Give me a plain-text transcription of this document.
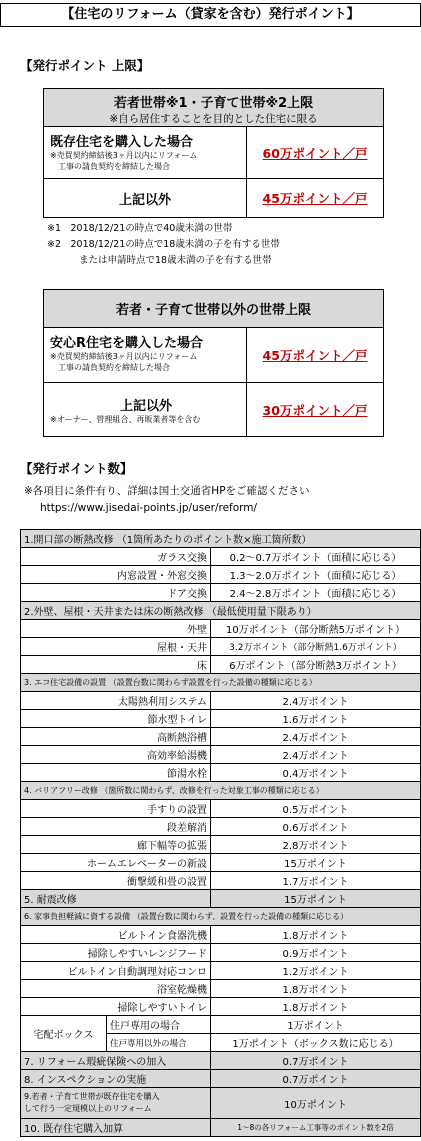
【住宅のリフォーム（貸家を含む）発行ポイント】
【発行ポイント 上限】
若者世帯※1・子育て世帯※2上限
※自ら居住することを目的とした住宅に限る
既存住宅を購入した場合
※売買契約締結後3ヶ月以内にリフォーム
工事の請負契約を締結した場合
60万ポイント／戸
上記以外	45万ポイント／戸
※1　2018/12/21の時点で40歳未満の世帯
※2　2018/12/21の時点で18歳未満の子を有する世帯
または申請時点で18歳未満の子を有する世帯
若者・子育て世帯以外の世帯上限
安心R住宅を購入した場合
※売買契約締結後3ヶ月以内にリフォーム
工事の請負契約を締結した場合
45万ポイント／戸
上記以外
※オーナー、管理組合、再販業者等を含む
30万ポイント／戸
【発行ポイント数】
※各項目に条件有り、詳細は国土交通省HPをご確認ください
https://www.jisedai-points.jp/user/reform/
1.開口部の断熱改修 （1箇所あたりのポイント数×施工箇所数）		
ガラス交換		0.2～0.7万ポイント（面積に応じる）
内窓設置・外窓交換		1.3～2.0万ポイント（面積に応じる）
ドア交換		2.4～2.8万ポイント（面積に応じる）
2.外壁、屋根・天井または床の断熱改修 （最低使用量下限あり）		
外壁		10万ポイント（部分断熱5万ポイント）
屋根・天井		3.2万ポイント（部分断熱1.6万ポイント）
床		6万ポイント（部分断熱3万ポイント）
3. エコ住宅設備の設置 （設置台数に関わらず設置を行った設備の種類に応じる）		
太陽熱利用システム		2.4万ポイント
節水型トイレ		1.6万ポイント
高断熱浴槽		2.4万ポイント
高効率給湯機		2.4万ポイント
節湯水栓		0.4万ポイント
4. バリアフリー改修 （箇所数に関わらず、改修を行った対象工事の種類に応じる）		
手すりの設置		0.5万ポイント
段差解消		0.6万ポイント
廊下幅等の拡張		2.8万ポイント
ホームエレベーターの新設		15万ポイント
衝撃緩和畳の設置		1.7万ポイント
5. 耐震改修		15万ポイント
6. 家事負担軽減に資する設備 （設置台数に関わらず、設置を行った設備の種類に応じる）		
ビルトイン食器洗機		1.8万ポイント
掃除しやすいレンジフード		0.9万ポイント
ビルトイン自動調理対応コンロ		1.2万ポイント
浴室乾燥機		1.8万ポイント
掃除しやすいトイレ		1.8万ポイント
宅配ボックス	住戸専用の場合	1万ポイント
	住戸専用以外の場合	1万ポイント（ボックス数に応じる）
7. リフォーム瑕疵保険への加入		0.7万ポイント
8. インスペクションの実施		0.7万ポイント

9.若者・子育て世帯が既存住宅を購入
して行う一定規模以上のリフォーム		10万ポイント
10. 既存住宅購入加算		1～8の各リフォーム工事等のポイント数を2倍
